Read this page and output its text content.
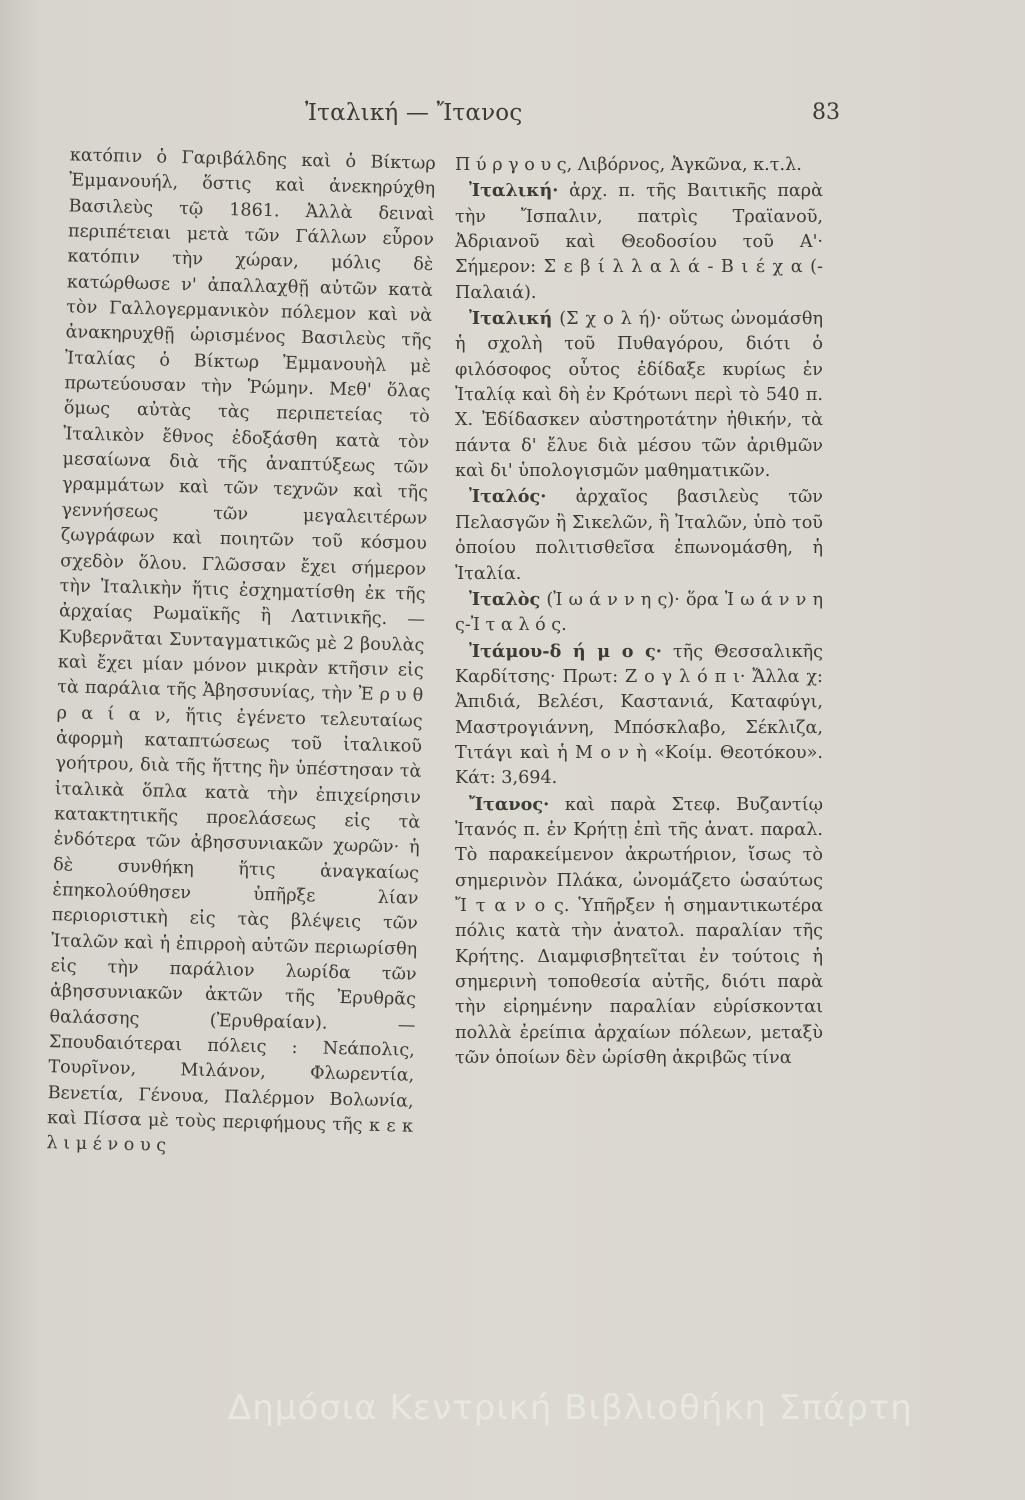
Ἰταλική — Ἴτανος	83

κατόπιν ὁ Γαριβάλδης καὶ ὁ Βίκτωρ Ἐμμανουήλ, ὅστις καὶ ἀνεκηρύχθη Βασιλεὺς τῷ 1861. Ἀλλὰ δειναὶ περιπέτειαι μετὰ τῶν Γάλλων εὗρον κατόπιν τὴν χώραν, μόλις δὲ κατώρθωσε ν' ἀπαλλαχθῇ αὐτῶν κατὰ τὸν Γαλλογερμανικὸν πόλεμον καὶ νὰ ἀνακηρυχθῇ ὡρισμένος Βασιλεὺς τῆς Ἰταλίας ὁ Βίκτωρ Ἐμμανουὴλ μὲ πρωτεύουσαν τὴν Ῥώμην. Μεθ' ὅλας ὅμως αὐτὰς τὰς περιπετείας τὸ Ἰταλικὸν ἔθνος ἐδοξάσθη κατὰ τὸν μεσαίωνα διὰ τῆς ἀναπτύξεως τῶν γραμμάτων καὶ τῶν τεχνῶν καὶ τῆς γεννήσεως τῶν μεγαλειτέρων ζωγράφων καὶ ποιητῶν τοῦ κόσμου σχεδὸν ὅλου. Γλῶσσαν ἔχει σήμερον τὴν Ἰταλικὴν ἥτις ἐσχηματίσθη ἐκ τῆς ἀρχαίας Ρωμαϊκῆς ἢ Λατινικῆς. — Κυβερνᾶται Συνταγματικῶς μὲ 2 βουλὰς καὶ ἔχει μίαν μόνον μικρὰν κτῆσιν εἰς τὰ παράλια τῆς Ἀβησσυνίας, τὴν Ἐ ρ υ θ ρ α ί α ν, ἥτις ἐγένετο τελευταίως ἀφορμὴ καταπτώσεως τοῦ ἰταλικοῦ γοήτρου, διὰ τῆς ἥττης ἣν ὑπέστησαν τὰ ἰταλικὰ ὅπλα κατὰ τὴν ἐπιχείρησιν κατακτητικῆς προελάσεως εἰς τὰ ἐνδότερα τῶν ἀβησσυνιακῶν χωρῶν· ἡ δὲ συνθήκη ἥτις ἀναγκαίως ἐπηκολούθησεν ὑπῆρξε λίαν περιοριστικὴ εἰς τὰς βλέψεις τῶν Ἰταλῶν καὶ ἡ ἐπιρροὴ αὐτῶν περιωρίσθη εἰς τὴν παράλιον λωρίδα τῶν ἀβησσυνιακῶν ἀκτῶν τῆς Ἐρυθρᾶς θαλάσσης (Ἐρυθραίαν). — Σπουδαιότεραι πόλεις : Νεάπολις, Τουρῖνον, Μιλάνον, Φλωρεντία, Βενετία, Γένουα, Παλέρμον Βολωνία, καὶ Πίσσα μὲ τοὺς περιφήμους τῆς κ ε κ λ ι μ έ ν ο υ ς

Π ύ ρ γ ο υ ς, Λιβόρνος, Ἀγκῶνα, κ.τ.λ.

Ἰταλική· ἀρχ. π. τῆς Βαιτικῆς παρὰ τὴν Ἴσπαλιν, πατρὶς Τραϊανοῦ, Ἀδριανοῦ καὶ Θεοδοσίου τοῦ Α'· Σήμερον: Σ ε β ί λ λ α λ ά - Β ι έ χ α (- Παλαιά).

Ἰταλική (Σ χ ο λ ή)· οὕτως ὠνομάσθη ἡ σχολὴ τοῦ Πυθαγόρου, διότι ὁ φιλόσοφος οὗτος ἐδίδαξε κυρίως ἐν Ἰταλίᾳ καὶ δὴ ἐν Κρότωνι περὶ τὸ 540 π. Χ. Ἐδίδασκεν αὐστηροτάτην ἠθικήν, τὰ πάντα δ' ἔλυε διὰ μέσου τῶν ἀριθμῶν καὶ δι' ὑπολογισμῶν μαθηματικῶν.

Ἰταλός· ἀρχαῖος βασιλεὺς τῶν Πελασγῶν ἢ Σικελῶν, ἢ Ἰταλῶν, ὑπὸ τοῦ ὁποίου πολιτισθεῖσα ἐπωνομάσθη, ἡ Ἰταλία.

Ἰταλὸς (Ἰ ω ά ν ν η ς)· ὅρα Ἰ ω ά ν ν η ς-Ἰ τ α λ ό ς.

Ἰτάμου-δ ή μ ο ς· τῆς Θεσσαλικῆς Καρδίτσης· Πρωτ: Ζ ο γ λ ό π ι· Ἄλλα χ: Ἀπιδιά, Βελέσι, Καστανιά, Καταφύγι, Μαστρογιάννη, Μπόσκλαβο, Σέκλιζα, Τιτάγι καὶ ἡ Μ ο ν ὴ «Κοίμ. Θεοτόκου». Κάτ: 3,694.

Ἴτανος· καὶ παρὰ Στεφ. Βυζαντίῳ Ἰτανός π. ἐν Κρήτῃ ἐπὶ τῆς ἀνατ. παραλ. Τὸ παρακείμενον ἀκρωτήριον, ἴσως τὸ σημερινὸν Πλάκα, ὠνομάζετο ὡσαύτως Ἴ τ α ν ο ς. Ὑπῆρξεν ἡ σημαντικωτέρα πόλις κατὰ τὴν ἀνατολ. παραλίαν τῆς Κρήτης. Διαμφισβητεῖται ἐν τούτοις ἡ σημερινὴ τοποθεσία αὐτῆς, διότι παρὰ τὴν εἰρημένην παραλίαν εὑρίσκονται πολλὰ ἐρείπια ἀρχαίων πόλεων, μεταξὺ τῶν ὁποίων δὲν ὡρίσθη ἀκριβῶς τίνα

Δημόσια Κεντρική Βιβλιοθήκη Σπάρτη
